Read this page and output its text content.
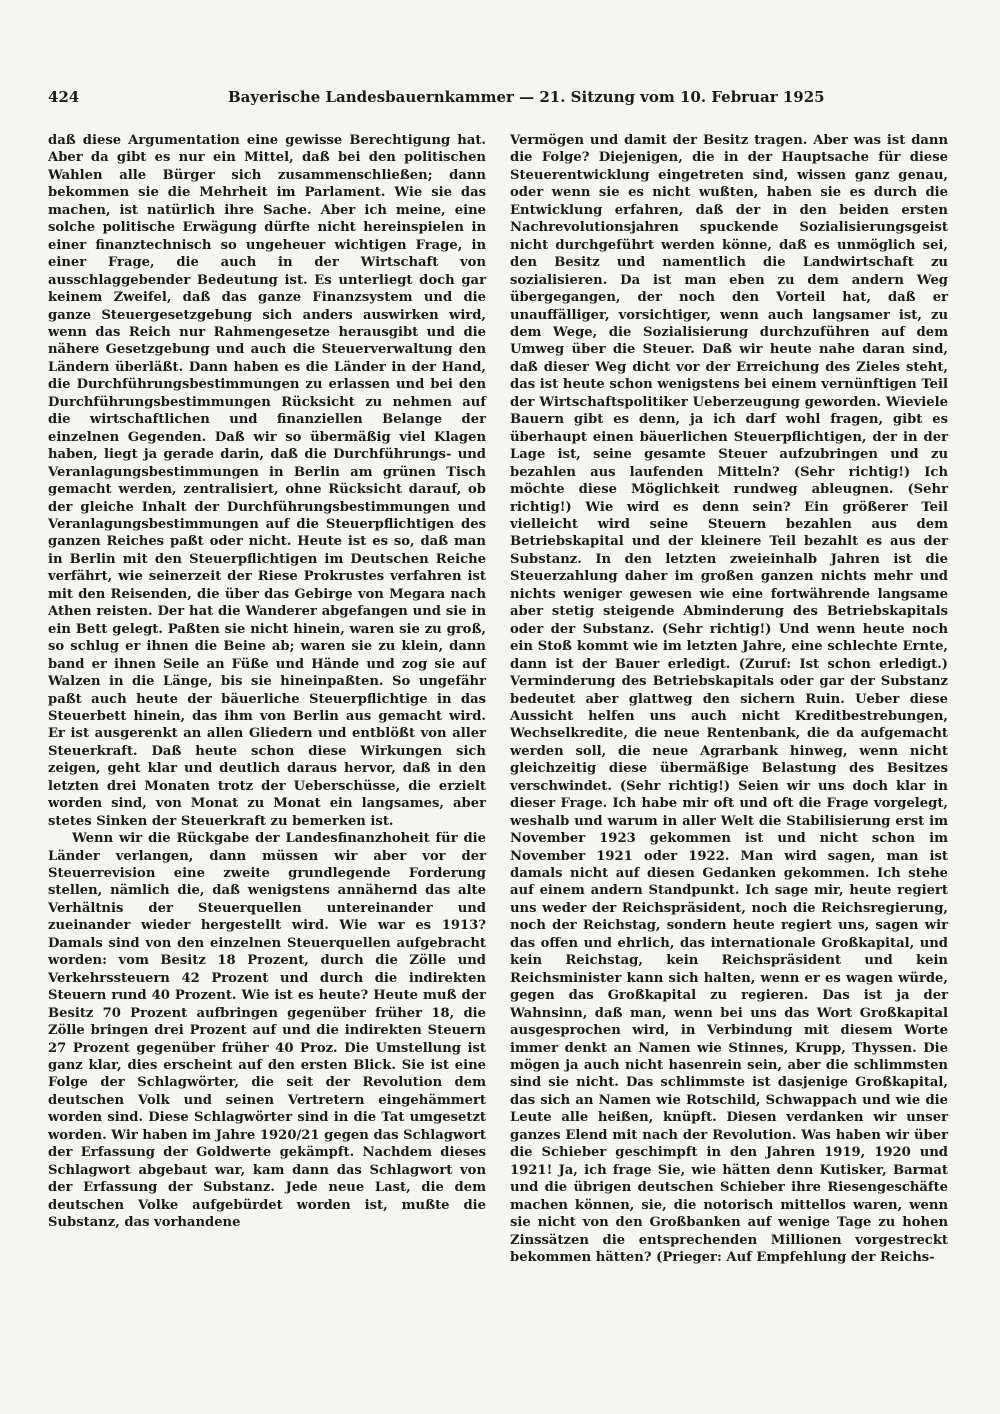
424	Bayerische Landesbauernkammer — 21. Sitzung vom 10. Februar 1925

daß diese Argumentation eine gewisse Berechtigung hat. Aber da gibt es nur ein Mittel, daß bei den politischen Wahlen alle Bürger sich zusammenschließen; dann bekommen sie die Mehrheit im Parlament. Wie sie das machen, ist natürlich ihre Sache. Aber ich meine, eine solche politische Erwägung dürfte nicht hereinspielen in einer finanztechnisch so ungeheuer wichtigen Frage, in einer Frage, die auch in der Wirtschaft von ausschlaggebender Bedeutung ist. Es unterliegt doch gar keinem Zweifel, daß das ganze Finanzsystem und die ganze Steuergesetzgebung sich anders auswirken wird, wenn das Reich nur Rahmengesetze herausgibt und die nähere Gesetzgebung und auch die Steuerverwaltung den Ländern überläßt. Dann haben es die Länder in der Hand, die Durchführungsbestimmungen zu erlassen und bei den Durchführungsbestimmungen Rücksicht zu nehmen auf die wirtschaftlichen und finanziellen Belange der einzelnen Gegenden. Daß wir so übermäßig viel Klagen haben, liegt ja gerade darin, daß die Durchführungs- und Veranlagungsbestimmungen in Berlin am grünen Tisch gemacht werden, zentralisiert, ohne Rücksicht darauf, ob der gleiche Inhalt der Durchführungsbestimmungen und Veranlagungsbestimmungen auf die Steuerpflichtigen des ganzen Reiches paßt oder nicht. Heute ist es so, daß man in Berlin mit den Steuerpflichtigen im Deutschen Reiche verfährt, wie seinerzeit der Riese Prokrustes verfahren ist mit den Reisenden, die über das Gebirge von Megara nach Athen reisten. Der hat die Wanderer abgefangen und sie in ein Bett gelegt. Paßten sie nicht hinein, waren sie zu groß, so schlug er ihnen die Beine ab; waren sie zu klein, dann band er ihnen Seile an Füße und Hände und zog sie auf Walzen in die Länge, bis sie hineinpaßten. So ungefähr paßt auch heute der bäuerliche Steuerpflichtige in das Steuerbett hinein, das ihm von Berlin aus gemacht wird. Er ist ausgerenkt an allen Gliedern und entblößt von aller Steuerkraft. Daß heute schon diese Wirkungen sich zeigen, geht klar und deutlich daraus hervor, daß in den letzten drei Monaten trotz der Ueberschüsse, die erzielt worden sind, von Monat zu Monat ein langsames, aber stetes Sinken der Steuerkraft zu bemerken ist.

Wenn wir die Rückgabe der Landesfinanzhoheit für die Länder verlangen, dann müssen wir aber vor der Steuerrevision eine zweite grundlegende Forderung stellen, nämlich die, daß wenigstens annähernd das alte Verhältnis der Steuerquellen untereinander und zueinander wieder hergestellt wird. Wie war es 1913? Damals sind von den einzelnen Steuerquellen aufgebracht worden: vom Besitz 18 Prozent, durch die Zölle und Verkehrssteuern 42 Prozent und durch die indirekten Steuern rund 40 Prozent. Wie ist es heute? Heute muß der Besitz 70 Prozent aufbringen gegenüber früher 18, die Zölle bringen drei Prozent auf und die indirekten Steuern 27 Prozent gegenüber früher 40 Proz. Die Umstellung ist ganz klar, dies erscheint auf den ersten Blick. Sie ist eine Folge der Schlagwörter, die seit der Revolution dem deutschen Volk und seinen Vertretern eingehämmert worden sind. Diese Schlagwörter sind in die Tat umgesetzt worden. Wir haben im Jahre 1920/21 gegen das Schlagwort der Erfassung der Goldwerte gekämpft. Nachdem dieses Schlagwort abgebaut war, kam dann das Schlagwort von der Erfassung der Substanz. Jede neue Last, die dem deutschen Volke aufgebürdet worden ist, mußte die Substanz, das vorhandene

Vermögen und damit der Besitz tragen. Aber was ist dann die Folge? Diejenigen, die in der Hauptsache für diese Steuerentwicklung eingetreten sind, wissen ganz genau, oder wenn sie es nicht wußten, haben sie es durch die Entwicklung erfahren, daß der in den beiden ersten Nachrevolutionsjahren spuckende Sozialisierungsgeist nicht durchgeführt werden könne, daß es unmöglich sei, den Besitz und namentlich die Landwirtschaft zu sozialisieren. Da ist man eben zu dem andern Weg übergegangen, der noch den Vorteil hat, daß er unauffälliger, vorsichtiger, wenn auch langsamer ist, zu dem Wege, die Sozialisierung durchzuführen auf dem Umweg über die Steuer. Daß wir heute nahe daran sind, daß dieser Weg dicht vor der Erreichung des Zieles steht, das ist heute schon wenigstens bei einem vernünftigen Teil der Wirtschaftspolitiker Ueberzeugung geworden. Wieviele Bauern gibt es denn, ja ich darf wohl fragen, gibt es überhaupt einen bäuerlichen Steuerpflichtigen, der in der Lage ist, seine gesamte Steuer aufzubringen und zu bezahlen aus laufenden Mitteln? (Sehr richtig!) Ich möchte diese Möglichkeit rundweg ableugnen. (Sehr richtig!) Wie wird es denn sein? Ein größerer Teil vielleicht wird seine Steuern bezahlen aus dem Betriebskapital und der kleinere Teil bezahlt es aus der Substanz. In den letzten zweieinhalb Jahren ist die Steuerzahlung daher im großen ganzen nichts mehr und nichts weniger gewesen wie eine fortwährende langsame aber stetig steigende Abminderung des Betriebskapitals oder der Substanz. (Sehr richtig!) Und wenn heute noch ein Stoß kommt wie im letzten Jahre, eine schlechte Ernte, dann ist der Bauer erledigt. (Zuruf: Ist schon erledigt.) Verminderung des Betriebskapitals oder gar der Substanz bedeutet aber glattweg den sichern Ruin. Ueber diese Aussicht helfen uns auch nicht Kreditbestrebungen, Wechselkredite, die neue Rentenbank, die da aufgemacht werden soll, die neue Agrarbank hinweg, wenn nicht gleichzeitig diese übermäßige Belastung des Besitzes verschwindet. (Sehr richtig!) Seien wir uns doch klar in dieser Frage. Ich habe mir oft und oft die Frage vorgelegt, weshalb und warum in aller Welt die Stabilisierung erst im November 1923 gekommen ist und nicht schon im November 1921 oder 1922. Man wird sagen, man ist damals nicht auf diesen Gedanken gekommen. Ich stehe auf einem andern Standpunkt. Ich sage mir, heute regiert uns weder der Reichspräsident, noch die Reichsregierung, noch der Reichstag, sondern heute regiert uns, sagen wir das offen und ehrlich, das internationale Großkapital, und kein Reichstag, kein Reichspräsident und kein Reichsminister kann sich halten, wenn er es wagen würde, gegen das Großkapital zu regieren. Das ist ja der Wahnsinn, daß man, wenn bei uns das Wort Großkapital ausgesprochen wird, in Verbindung mit diesem Worte immer denkt an Namen wie Stinnes, Krupp, Thyssen. Die mögen ja auch nicht hasenrein sein, aber die schlimmsten sind sie nicht. Das schlimmste ist dasjenige Großkapital, das sich an Namen wie Rotschild, Schwappach und wie die Leute alle heißen, knüpft. Diesen verdanken wir unser ganzes Elend mit nach der Revolution. Was haben wir über die Schieber geschimpft in den Jahren 1919, 1920 und 1921! Ja, ich frage Sie, wie hätten denn Kutisker, Barmat und die übrigen deutschen Schieber ihre Riesengeschäfte machen können, sie, die notorisch mittellos waren, wenn sie nicht von den Großbanken auf wenige Tage zu hohen Zinssätzen die entsprechenden Millionen vorgestreckt bekommen hätten? (Prieger: Auf Empfehlung der Reichs-
